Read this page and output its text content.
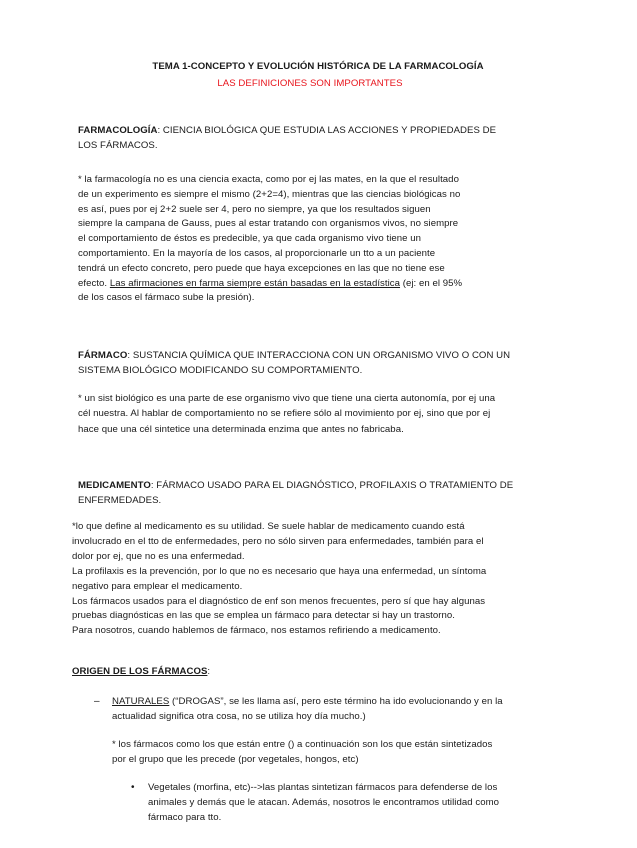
TEMA 1-CONCEPTO Y EVOLUCIÓN HISTÓRICA DE LA FARMACOLOGÍA
LAS DEFINICIONES SON IMPORTANTES
–
•
FARMACOLOGÍA: CIENCIA BIOLÓGICA QUE ESTUDIA LAS ACCIONES Y PROPIEDADES DE
LOS FÁRMACOS.
* la farmacología no es una ciencia exacta, como por ej las mates, en la que el resultado
de un experimento es siempre el mismo (2+2=4), mientras que las ciencias biológicas no
es así, pues por ej 2+2 suele ser 4, pero no siempre, ya que los resultados siguen
siempre la campana de Gauss, pues al estar tratando con organismos vivos, no siempre
el comportamiento de éstos es predecible, ya que cada organismo vivo tiene un
comportamiento. En la mayoría de los casos, al proporcionarle un tto a un paciente
tendrá un efecto concreto, pero puede que haya excepciones en las que no tiene ese
efecto. Las afirmaciones en farma siempre están basadas en la estadística (ej: en el 95%
de los casos el fármaco sube la presión).
FÁRMACO: SUSTANCIA QUÍMICA QUE INTERACCIONA CON UN ORGANISMO VIVO O CON UN
SISTEMA BIOLÓGICO MODIFICANDO SU COMPORTAMIENTO.
* un sist biológico es una parte de ese organismo vivo que tiene una cierta autonomía, por ej una
cél nuestra. Al hablar de comportamiento no se refiere sólo al movimiento por ej, sino que por ej
hace que una cél sintetice una determinada enzima que antes no fabricaba.
MEDICAMENTO: FÁRMACO USADO PARA EL DIAGNÓSTICO, PROFILAXIS O TRATAMIENTO DE
ENFERMEDADES.
*lo que define al medicamento es su utilidad. Se suele hablar de medicamento cuando está
involucrado en el tto de enfermedades, pero no sólo sirven para enfermedades, también para el
dolor por ej, que no es una enfermedad.
La profilaxis es la prevención, por lo que no es necesario que haya una enfermedad, un síntoma
negativo para emplear el medicamento.
Los fármacos usados para el diagnóstico de enf son menos frecuentes, pero sí que hay algunas
pruebas diagnósticas en las que se emplea un fármaco para detectar si hay un trastorno.
Para nosotros, cuando hablemos de fármaco, nos estamos refiriendo a medicamento.
ORIGEN DE LOS FÁRMACOS:
NATURALES (“DROGAS”, se les llama así, pero este término ha ido evolucionando y en la
actualidad significa otra cosa, no se utiliza hoy día mucho.)
* los fármacos como los que están entre () a continuación son los que están sintetizados
por el grupo que les precede (por vegetales, hongos, etc)
Vegetales (morfina, etc)-->las plantas sintetizan fármacos para defenderse de los
animales y demás que le atacan. Además, nosotros le encontramos utilidad como
fármaco para tto.
